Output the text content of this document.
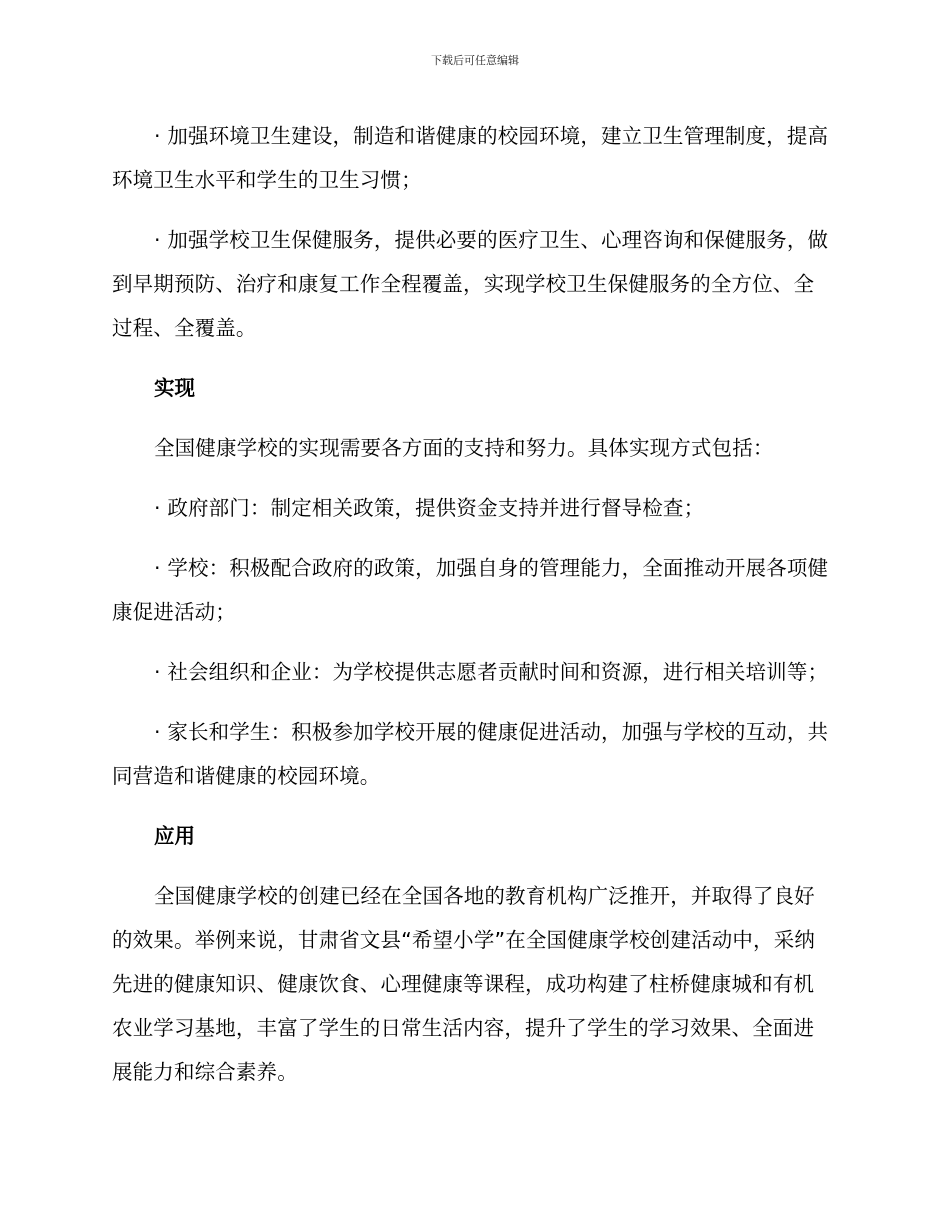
下载后可任意编辑

· 加强环境卫生建设，制造和谐健康的校园环境，建立卫生管理制度，提高环境卫生水平和学生的卫生习惯；

· 加强学校卫生保健服务，提供必要的医疗卫生、心理咨询和保健服务，做到早期预防、治疗和康复工作全程覆盖，实现学校卫生保健服务的全方位、全过程、全覆盖。

实现

全国健康学校的实现需要各方面的支持和努力。具体实现方式包括：

· 政府部门：制定相关政策，提供资金支持并进行督导检查；

· 学校：积极配合政府的政策，加强自身的管理能力，全面推动开展各项健康促进活动；

· 社会组织和企业：为学校提供志愿者贡献时间和资源，进行相关培训等；

· 家长和学生：积极参加学校开展的健康促进活动，加强与学校的互动，共同营造和谐健康的校园环境。

应用

全国健康学校的创建已经在全国各地的教育机构广泛推开，并取得了良好的效果。举例来说，甘肃省文县“希望小学”在全国健康学校创建活动中，采纳先进的健康知识、健康饮食、心理健康等课程，成功构建了柱桥健康城和有机农业学习基地，丰富了学生的日常生活内容，提升了学生的学习效果、全面进展能力和综合素养。
